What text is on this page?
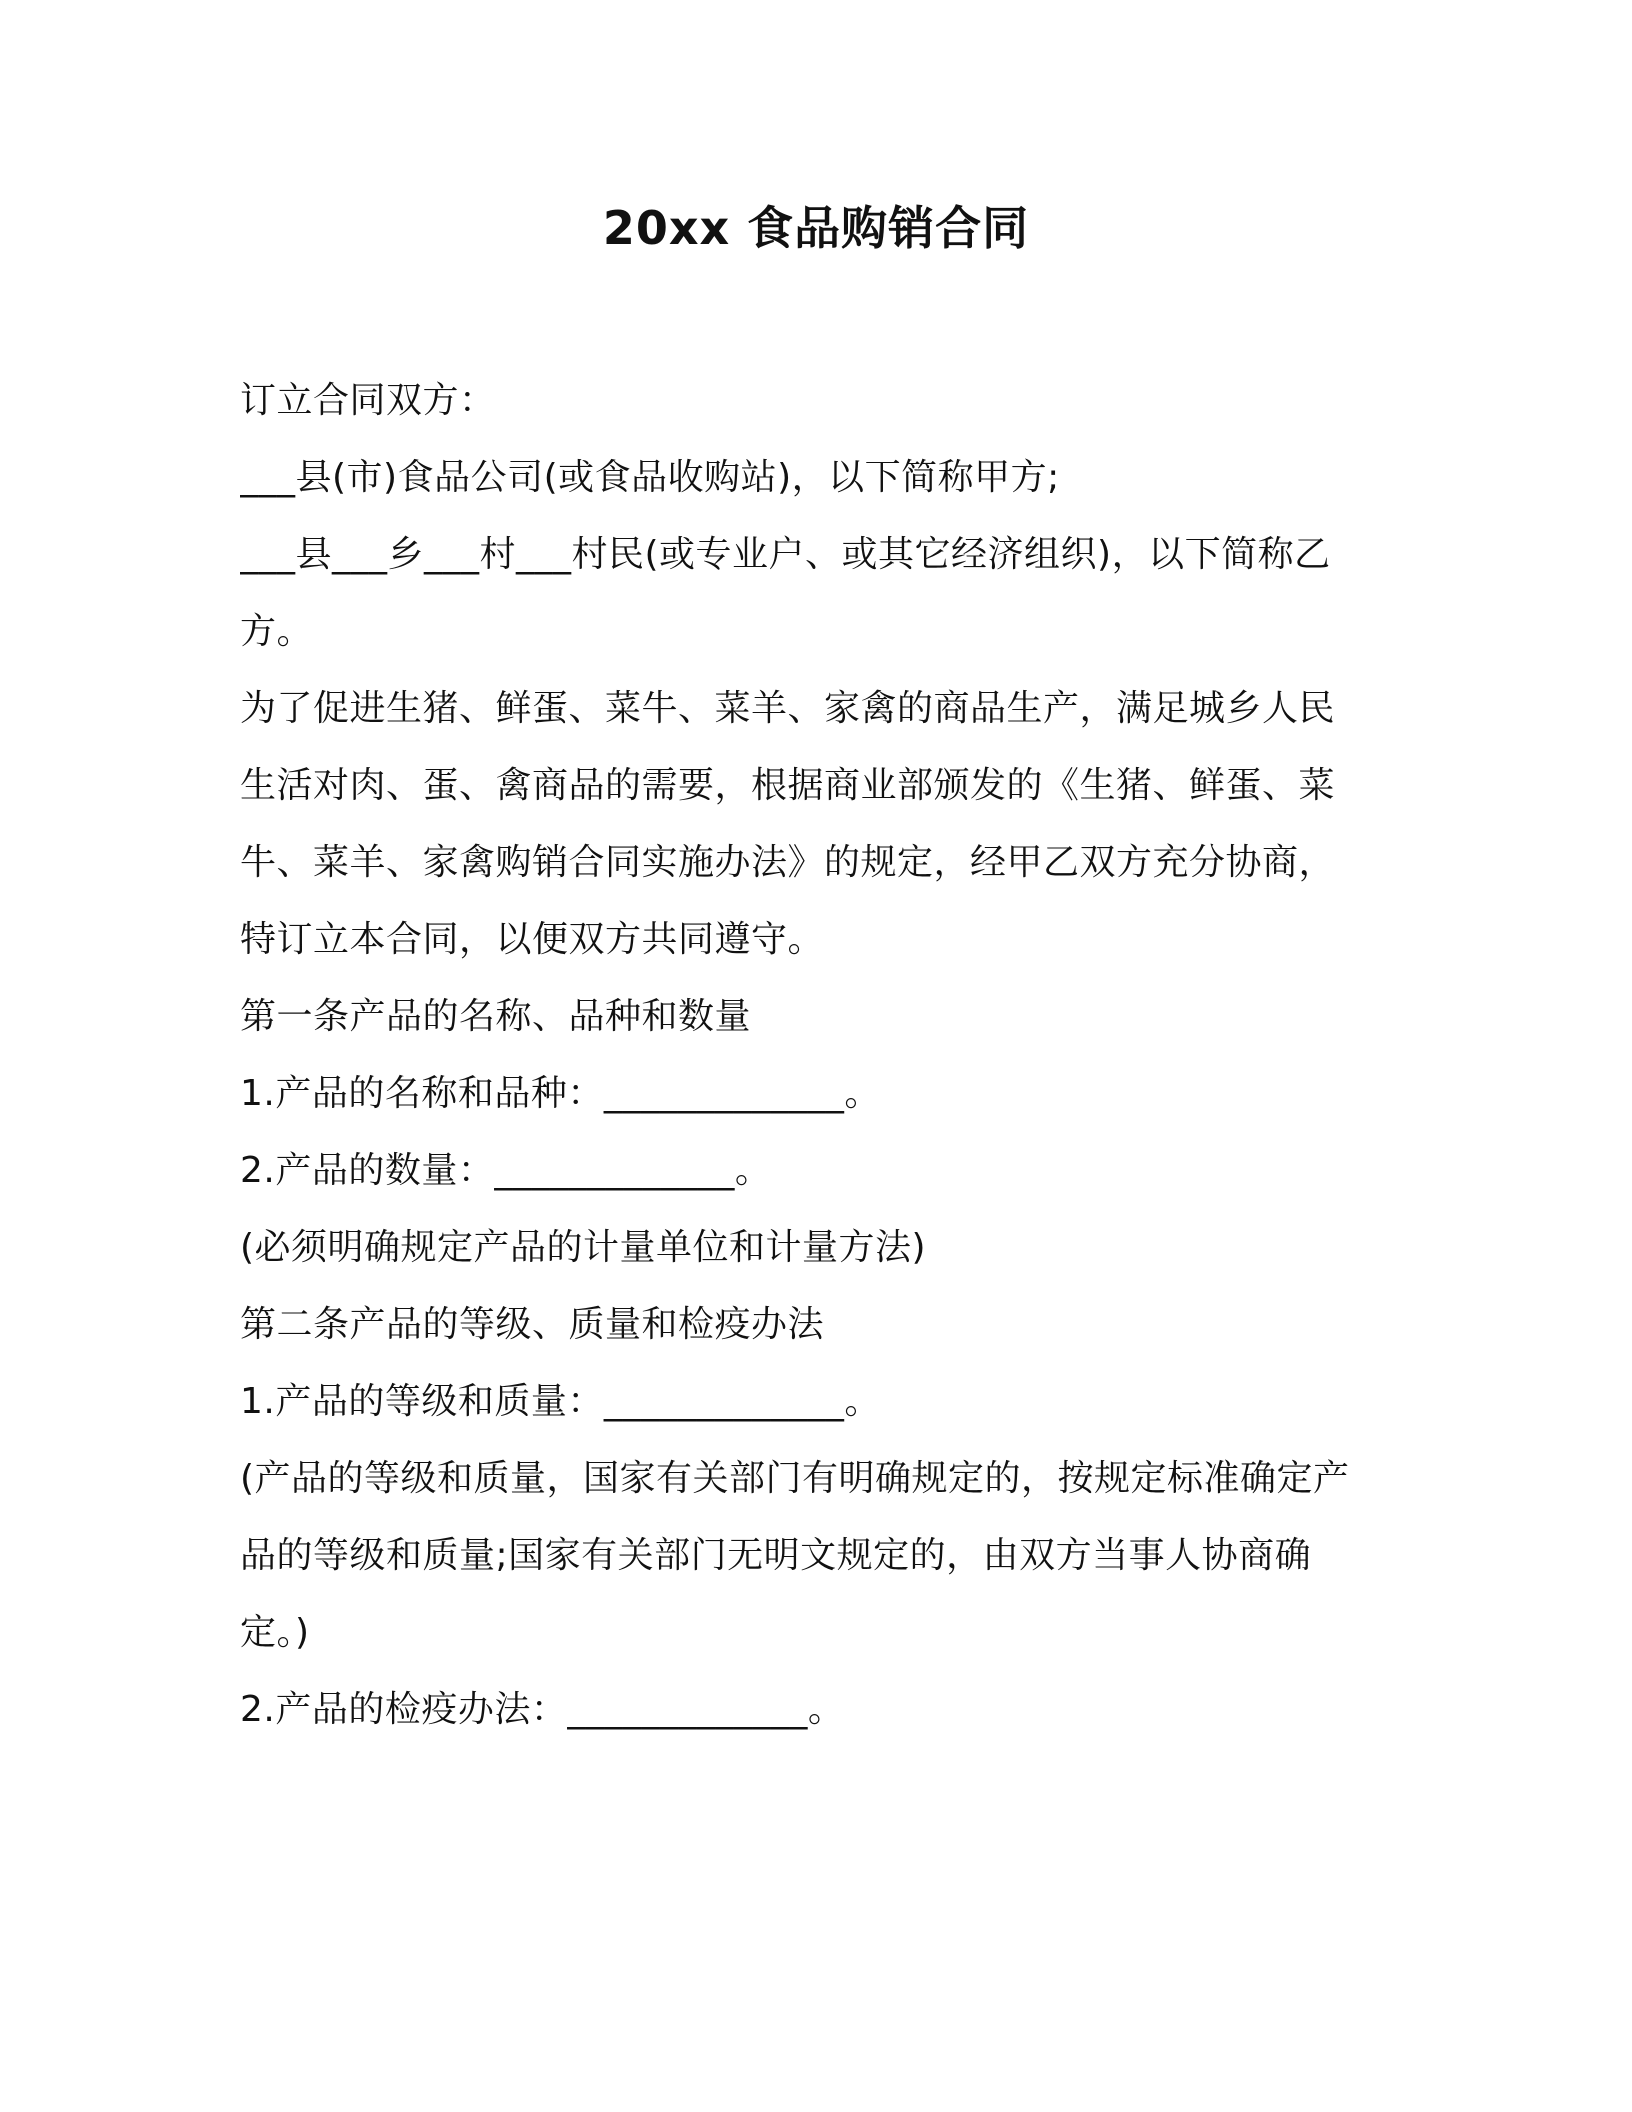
20xx 食品购销合同
订立合同双方：
___县(市)食品公司(或食品收购站)，以下简称甲方;
___县___乡___村___村民(或专业户、或其它经济组织)，以下简称乙
方。
为了促进生猪、鲜蛋、菜牛、菜羊、家禽的商品生产，满足城乡人民
生活对肉、蛋、禽商品的需要，根据商业部颁发的《生猪、鲜蛋、菜
牛、菜羊、家禽购销合同实施办法》的规定，经甲乙双方充分协商，
特订立本合同，以便双方共同遵守。
第一条产品的名称、品种和数量
1.产品的名称和品种：_____________。
2.产品的数量：_____________。
(必须明确规定产品的计量单位和计量方法)
第二条产品的等级、质量和检疫办法
1.产品的等级和质量：_____________。
(产品的等级和质量，国家有关部门有明确规定的，按规定标准确定产
品的等级和质量;国家有关部门无明文规定的，由双方当事人协商确
定。)
2.产品的检疫办法：_____________。
